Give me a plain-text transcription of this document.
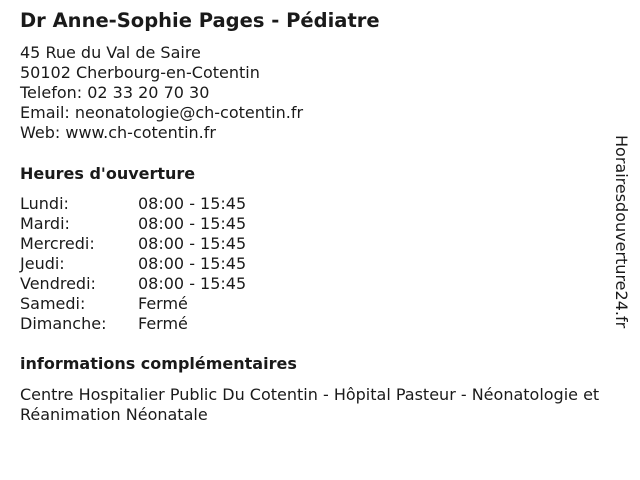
Dr Anne-Sophie Pages - Pédiatre
45 Rue du Val de Saire
50102 Cherbourg-en-Cotentin
Telefon: 02 33 20 70 30
Email: neonatologie@ch-cotentin.fr
Web: www.ch-cotentin.fr
Heures d'ouverture
Lundi:	08:00 - 15:45
Mardi:	08:00 - 15:45
Mercredi:	08:00 - 15:45
Jeudi:	08:00 - 15:45
Vendredi:	08:00 - 15:45
Samedi:	Fermé
Dimanche:	Fermé
informations complémentaires
Centre Hospitalier Public Du Cotentin - Hôpital Pasteur - Néonatologie et Réanimation Néonatale
Horairesdouverture24.fr
